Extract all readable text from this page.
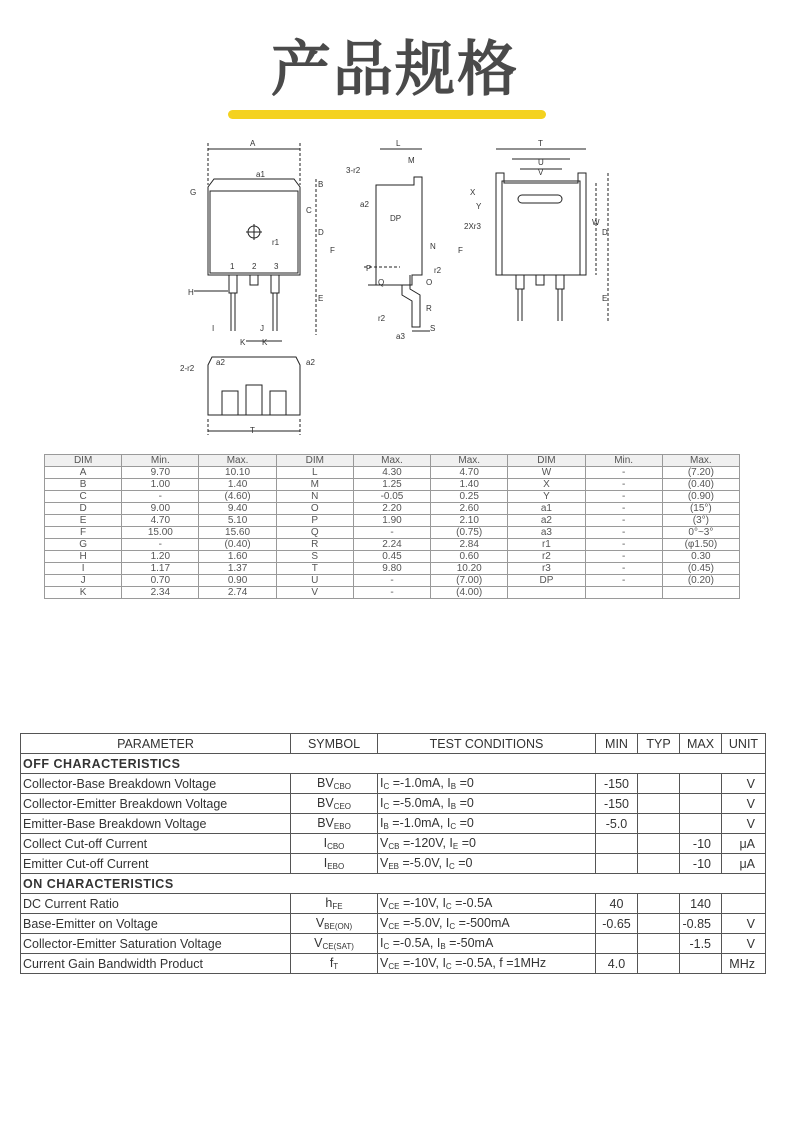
产品规格
A
a1
G
B
C
D
r1
F
1 2 3
H
E
I	J
K K
L
M
3-r2
a2
DP
N
P	r2
Q	O
R
r2
S
a3
T
U
V
X
Y
2Xr3	W
D
F
E
2-r2
a2	a2
T
DIM	Min.	Max.	DIM	Max.	Max.	DIM	Min.	Max.
A	9.70	10.10	L	4.30	4.70	W	-	(7.20)
B	1.00	1.40	M	1.25	1.40	X	-	(0.40)
C	-	(4.60)	N	-0.05	0.25	Y	-	(0.90)
D	9.00	9.40	O	2.20	2.60	a1	-	(15°)
E	4.70	5.10	P	1.90	2.10	a2	-	(3°)
F	15.00	15.60	Q	-	(0.75)	a3	-	0°~3°
G	-	(0.40)	R	2.24	2.84	r1	-	(φ1.50)
H	1.20	1.60	S	0.45	0.60	r2	-	0.30
I	1.17	1.37	T	9.80	10.20	r3	-	(0.45)
J	0.70	0.90	U	-	(7.00)	DP	-	(0.20)
K	2.34	2.74	V	-	(4.00)			
PARAMETER	SYMBOL	TEST CONDITIONS	MIN	TYP	MAX	UNIT
OFF CHARACTERISTICS						
Collector-Base Breakdown Voltage	$BV_{CBO}$	$I_C =-1.0mA$, $I_B =0$	-150			V
Collector-Emitter Breakdown Voltage	$BV_{CEO}$	$I_C =-5.0mA$, $I_B =0$	-150			V
Emitter-Base Breakdown Voltage	$BV_{EBO}$	$I_B =-1.0mA$, $I_C =0$	-5.0			V
Collect Cut-off Current	$I_{CBO}$	$V_{CB} =-120V$, $I_E =0$			-10	μA
Emitter Cut-off Current	$I_{EBO}$	$V_{EB} =-5.0V$, $I_C =0$			-10	μA
ON CHARACTERISTICS						
DC Current Ratio	$h_{FE}$	$V_{CE} =-10V$, $I_C =-0.5A$	40		140	
Base-Emitter on Voltage	$V_{BE(ON)}$	$V_{CE} =-5.0V$, $I_C =-500mA$	-0.65		-0.85	V
Collector-Emitter Saturation Voltage	$V_{CE(SAT)}$	$I_C =-0.5A$, $I_B =-50mA$			-1.5	V
Current Gain Bandwidth Product	$f_T$	$V_{CE} =-10V$, $I_C =-0.5A$, f =1MHz	4.0			MHz
